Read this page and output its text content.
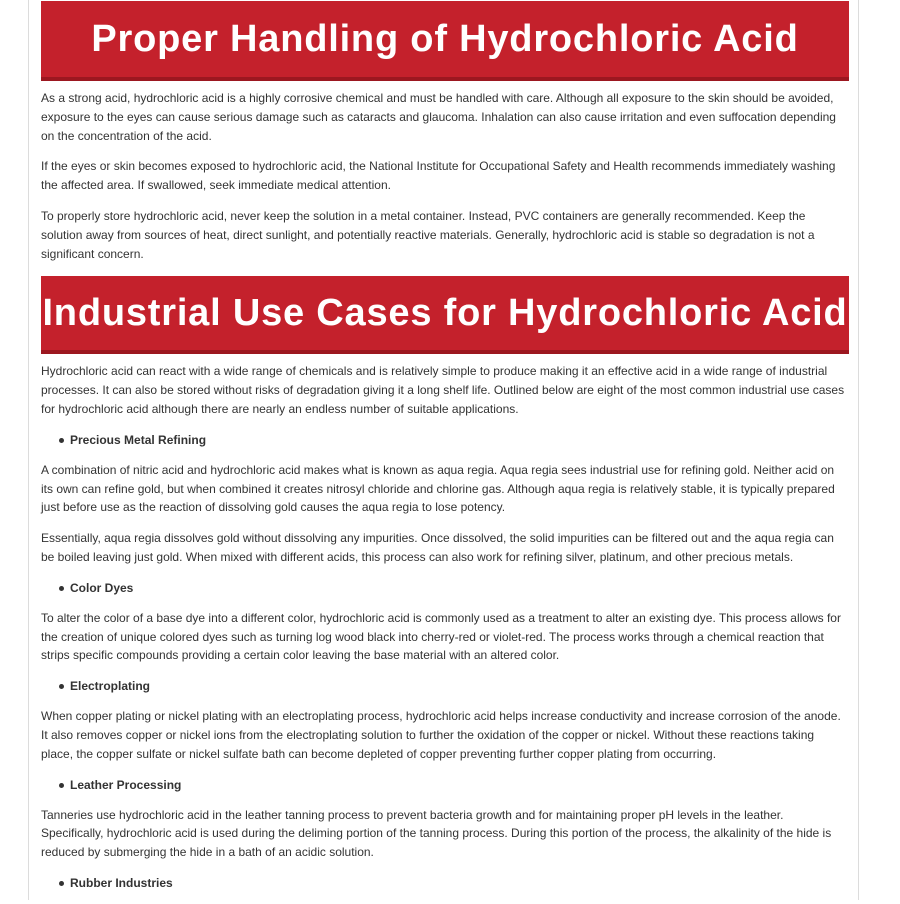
Proper Handling of Hydrochloric Acid

As a strong acid, hydrochloric acid is a highly corrosive chemical and must be handled with care. Although all exposure to the skin should be avoided, exposure to the eyes can cause serious damage such as cataracts and glaucoma. Inhalation can also cause irritation and even suffocation depending on the concentration of the acid.

If the eyes or skin becomes exposed to hydrochloric acid, the National Institute for Occupational Safety and Health recommends immediately washing the affected area. If swallowed, seek immediate medical attention.

To properly store hydrochloric acid, never keep the solution in a metal container. Instead, PVC containers are generally recommended. Keep the solution away from sources of heat, direct sunlight, and potentially reactive materials. Generally, hydrochloric acid is stable so degradation is not a significant concern.

Industrial Use Cases for Hydrochloric Acid

Hydrochloric acid can react with a wide range of chemicals and is relatively simple to produce making it an effective acid in a wide range of industrial processes. It can also be stored without risks of degradation giving it a long shelf life. Outlined below are eight of the most common industrial use cases for hydrochloric acid although there are nearly an endless number of suitable applications.

Precious Metal Refining

A combination of nitric acid and hydrochloric acid makes what is known as aqua regia. Aqua regia sees industrial use for refining gold. Neither acid on its own can refine gold, but when combined it creates nitrosyl chloride and chlorine gas. Although aqua regia is relatively stable, it is typically prepared just before use as the reaction of dissolving gold causes the aqua regia to lose potency.

Essentially, aqua regia dissolves gold without dissolving any impurities. Once dissolved, the solid impurities can be filtered out and the aqua regia can be boiled leaving just gold. When mixed with different acids, this process can also work for refining silver, platinum, and other precious metals.

Color Dyes

To alter the color of a base dye into a different color, hydrochloric acid is commonly used as a treatment to alter an existing dye. This process allows for the creation of unique colored dyes such as turning log wood black into cherry-red or violet-red. The process works through a chemical reaction that strips specific compounds providing a certain color leaving the base material with an altered color.

Electroplating

When copper plating or nickel plating with an electroplating process, hydrochloric acid helps increase conductivity and increase corrosion of the anode. It also removes copper or nickel ions from the electroplating solution to further the oxidation of the copper or nickel. Without these reactions taking place, the copper sulfate or nickel sulfate bath can become depleted of copper preventing further copper plating from occurring.

Leather Processing

Tanneries use hydrochloric acid in the leather tanning process to prevent bacteria growth and for maintaining proper pH levels in the leather. Specifically, hydrochloric acid is used during the deliming portion of the tanning process. During this portion of the process, the alkalinity of the hide is reduced by submerging the hide in a bath of an acidic solution.

Rubber Industries
